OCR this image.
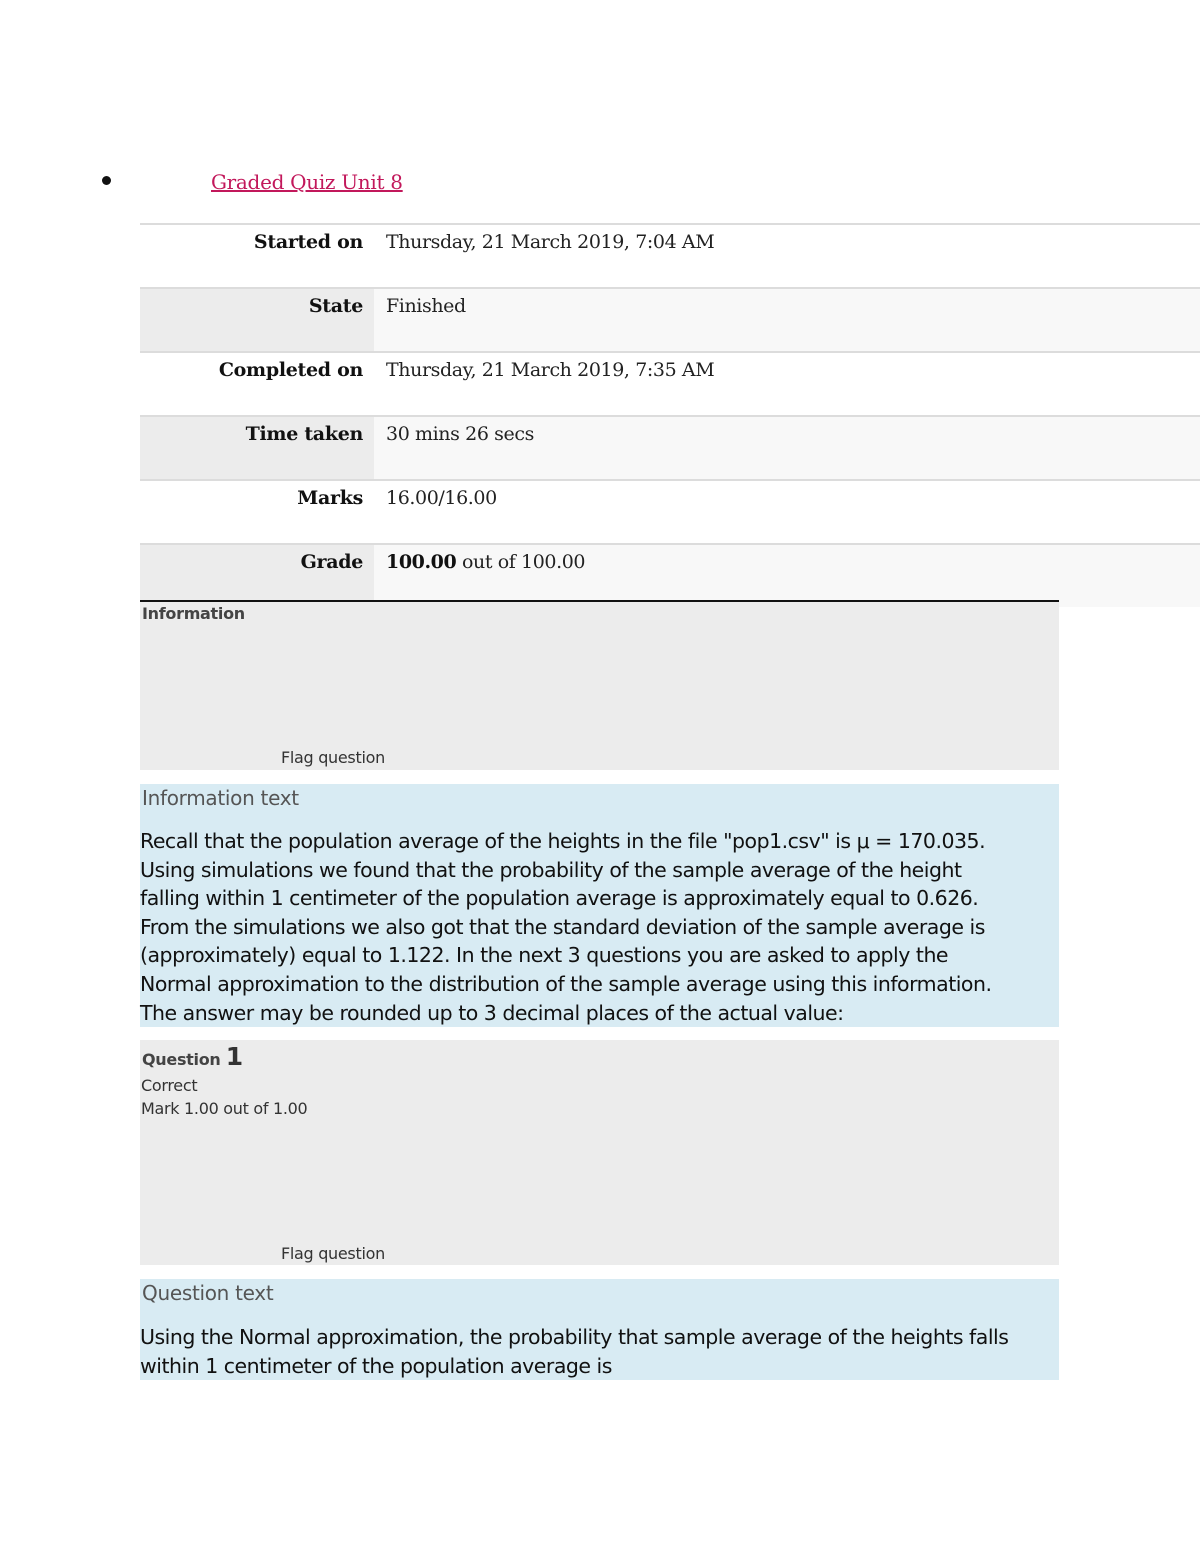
Graded Quiz Unit 8
Started on	Thursday, 21 March 2019, 7:04 AM
State	Finished
Completed on	Thursday, 21 March 2019, 7:35 AM
Time taken	30 mins 26 secs
Marks	16.00/16.00
Grade	100.00 out of 100.00
Information
Flag question
Information text
Recall that the population average of the heights in the file "pop1.csv" is μ = 170.035.
Using simulations we found that the probability of the sample average of the height
falling within 1 centimeter of the population average is approximately equal to 0.626.
From the simulations we also got that the standard deviation of the sample average is
(approximately) equal to 1.122. In the next 3 questions you are asked to apply the
Normal approximation to the distribution of the sample average using this information.
The answer may be rounded up to 3 decimal places of the actual value:
Question 1
Correct
Mark 1.00 out of 1.00
Flag question
Question text
Using the Normal approximation, the probability that sample average of the heights falls
within 1 centimeter of the population average is
